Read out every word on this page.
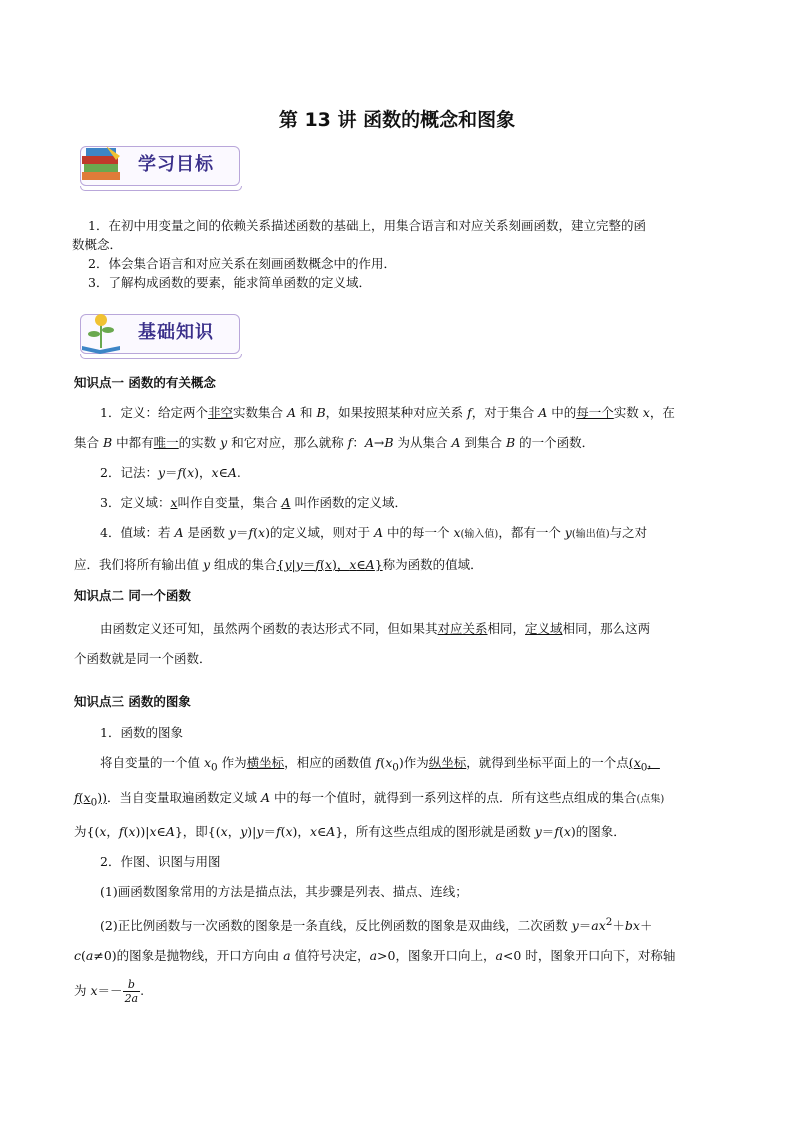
第 13 讲 函数的概念和图象
学习目标

1．在初中用变量之间的依赖关系描述函数的基础上，用集合语言和对应关系刻画函数，建立完整的函

数概念．

2．体会集合语言和对应关系在刻画函数概念中的作用．

3．了解构成函数的要素，能求简单函数的定义域．

基础知识
知识点一 函数的有关概念

1．定义：给定两个非空实数集合 A 和 B，如果按照某种对应关系 f，对于集合 A 中的每一个实数 x，在

集合 B 中都有唯一的实数 y 和它对应，那么就称 f：A→B 为从集合 A 到集合 B 的一个函数．

2．记法：y＝f(x)，x∈A.

3．定义域：x叫作自变量，集合 A 叫作函数的定义域．

4．值域：若 A 是函数 y＝f(x)的定义域，则对于 A 中的每一个 x(输入值)，都有一个 y(输出值)与之对

应．我们将所有输出值 y 组成的集合{y|y＝f(x)，x∈A}称为函数的值域．

知识点二 同一个函数

由函数定义还可知，虽然两个函数的表达形式不同，但如果其对应关系相同，定义域相同，那么这两

个函数就是同一个函数．

知识点三 函数的图象

1．函数的图象

将自变量的一个值 $x_0$ 作为横坐标，相应的函数值 $f(x_0)$作为纵坐标，就得到坐标平面上的一个点($x_0$，

$f(x_0)$)．当自变量取遍函数定义域 A 中的每一个值时，就得到一系列这样的点．所有这些点组成的集合(点集)

为{(x，f(x))|x∈A}，即{(x，y)|y＝f(x)，x∈A}，所有这些点组成的图形就是函数 y＝f(x)的图象．

2．作图、识图与用图

(1)画函数图象常用的方法是描点法，其步骤是列表、描点、连线；

(2)正比例函数与一次函数的图象是一条直线，反比例函数的图象是双曲线，二次函数 $y=ax^2+bx+$

c(a≠0)的图象是抛物线，开口方向由 a 值符号决定，a>0，图象开口向上，a<0 时，图象开口向下，对称轴

为 $x=- \frac{b}{2a}$ .
